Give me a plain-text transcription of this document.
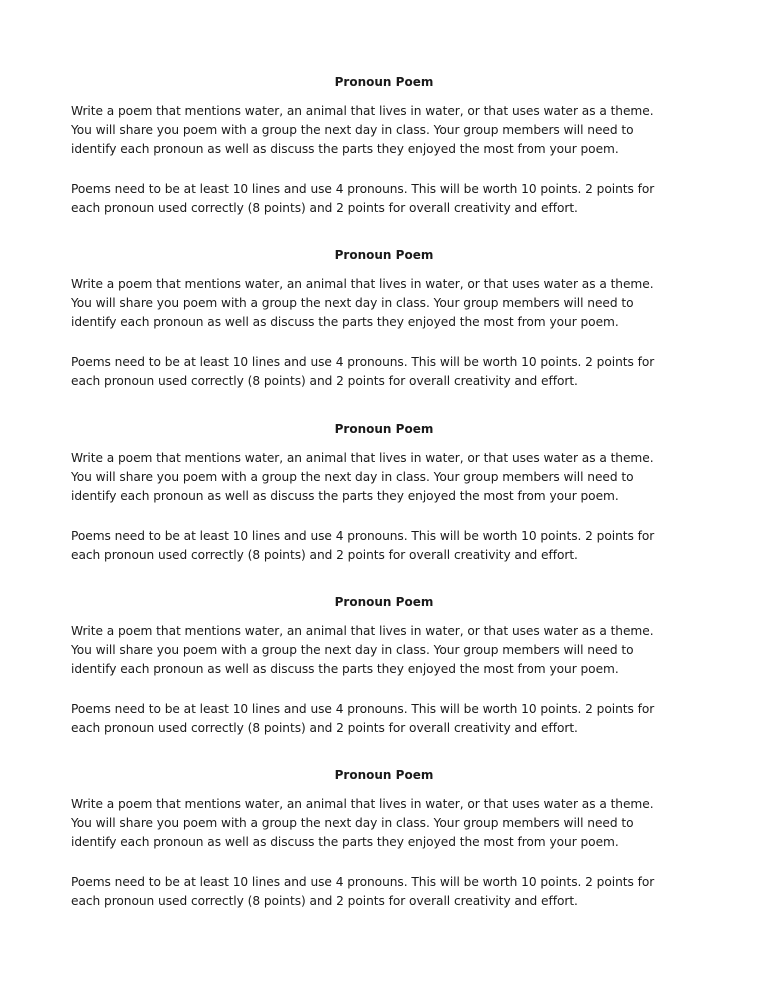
Pronoun Poem

Write a poem that mentions water, an animal that lives in water, or that uses water as a theme.
You will share you poem with a group the next day in class. Your group members will need to
identify each pronoun as well as discuss the parts they enjoyed the most from your poem.

Poems need to be at least 10 lines and use 4 pronouns. This will be worth 10 points. 2 points for
each pronoun used correctly (8 points) and 2 points for overall creativity and effort.

Pronoun Poem

Write a poem that mentions water, an animal that lives in water, or that uses water as a theme.
You will share you poem with a group the next day in class. Your group members will need to
identify each pronoun as well as discuss the parts they enjoyed the most from your poem.

Poems need to be at least 10 lines and use 4 pronouns. This will be worth 10 points. 2 points for
each pronoun used correctly (8 points) and 2 points for overall creativity and effort.

Pronoun Poem

Write a poem that mentions water, an animal that lives in water, or that uses water as a theme.
You will share you poem with a group the next day in class. Your group members will need to
identify each pronoun as well as discuss the parts they enjoyed the most from your poem.

Poems need to be at least 10 lines and use 4 pronouns. This will be worth 10 points. 2 points for
each pronoun used correctly (8 points) and 2 points for overall creativity and effort.

Pronoun Poem

Write a poem that mentions water, an animal that lives in water, or that uses water as a theme.
You will share you poem with a group the next day in class. Your group members will need to
identify each pronoun as well as discuss the parts they enjoyed the most from your poem.

Poems need to be at least 10 lines and use 4 pronouns. This will be worth 10 points. 2 points for
each pronoun used correctly (8 points) and 2 points for overall creativity and effort.

Pronoun Poem

Write a poem that mentions water, an animal that lives in water, or that uses water as a theme.
You will share you poem with a group the next day in class. Your group members will need to
identify each pronoun as well as discuss the parts they enjoyed the most from your poem.

Poems need to be at least 10 lines and use 4 pronouns. This will be worth 10 points. 2 points for
each pronoun used correctly (8 points) and 2 points for overall creativity and effort.
